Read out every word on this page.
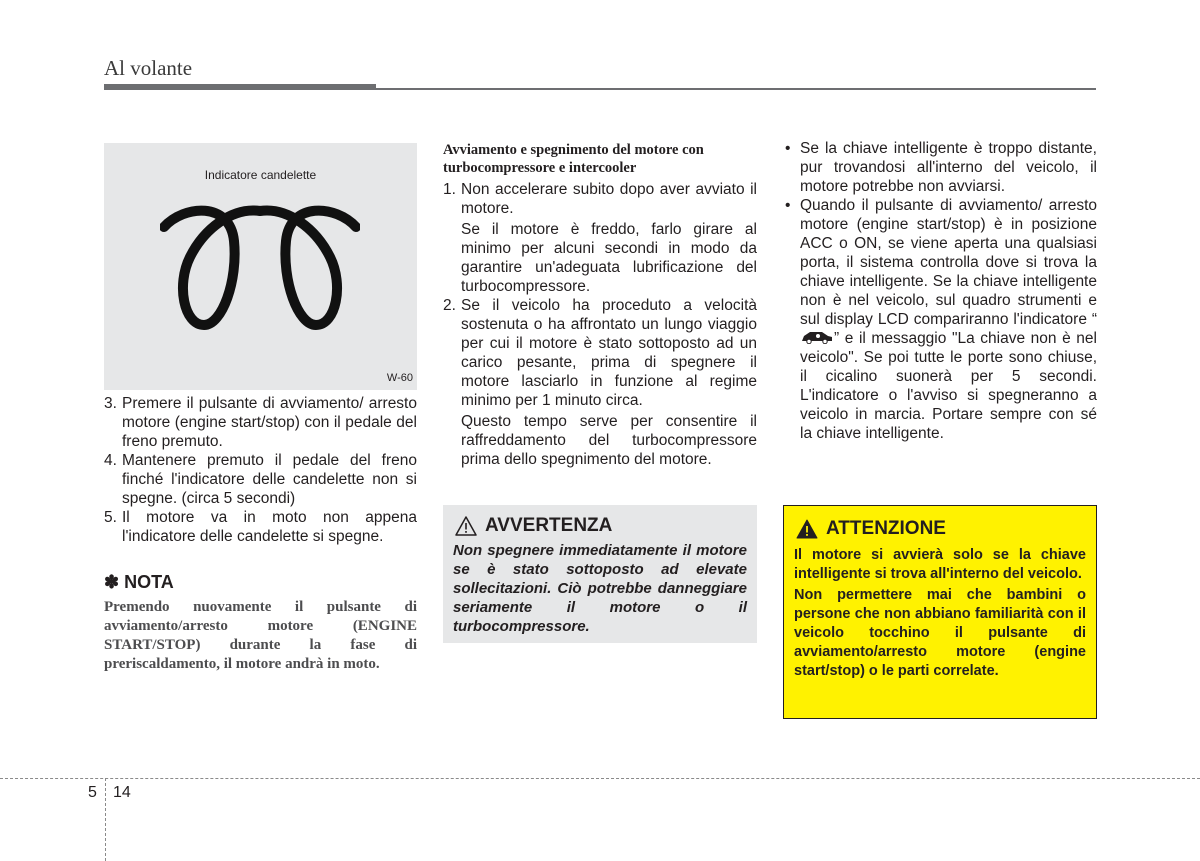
Al volante
Indicatore candelette
W-60
3. Premere il pulsante di avviamento/ arresto motore (engine start/stop) con il pedale del freno premuto.
4. Mantenere premuto il pedale del freno finché l'indicatore delle candelette non si spegne. (circa 5 secondi)
5. Il motore va in moto non appena l'indicatore delle candelette si spegne.
✽ NOTA
Premendo nuovamente il pulsante di avviamento/arresto motore (ENGINE START/STOP) durante la fase di preriscaldamento, il motore andrà in moto.
Avviamento e spegnimento del motore con turbocompressore e intercooler
1. Non accelerare subito dopo aver avviato il motore.

Se il motore è freddo, farlo girare al minimo per alcuni secondi in modo da garantire un'adeguata lubrificazione del turbocompressore.

2. Se il veicolo ha proceduto a velocità sostenuta o ha affrontato un lungo viaggio per cui il motore è stato sottoposto ad un carico pesante, prima di spegnere il motore lasciarlo in funzione al regime minimo per 1 minuto circa.

Questo tempo serve per consentire il raffreddamento del turbocompressore prima dello spegnimento del motore.

AVVERTENZA
Non spegnere immediatamente il motore se è stato sottoposto ad elevate sollecitazioni. Ciò potrebbe danneggiare seriamente il motore o il turbocompressore.
• Se la chiave intelligente è troppo distante, pur trovandosi all'interno del veicolo, il motore potrebbe non avviarsi.
• Quando il pulsante di avviamento/ arresto motore (engine start/stop) è in posizione ACC o ON, se viene aperta una qualsiasi porta, il sistema controlla dove si trova la chiave intelligente. Se la chiave intelligente non è nel veicolo, sul quadro strumenti e sul display LCD compariranno l'indicatore “” e il messaggio "La chiave non è nel veicolo". Se poi tutte le porte sono chiuse, il cicalino suonerà per 5 secondi. L'indicatore o l'avviso si spegneranno a veicolo in marcia. Portare sempre con sé la chiave intelligente.
ATTENZIONE

Il motore si avvierà solo se la chiave intelligente si trova all'interno del veicolo.

Non permettere mai che bambini o persone che non abbiano familiarità con il veicolo tocchino il pulsante di avviamento/arresto motore (engine start/stop) o le parti correlate.

5 14
